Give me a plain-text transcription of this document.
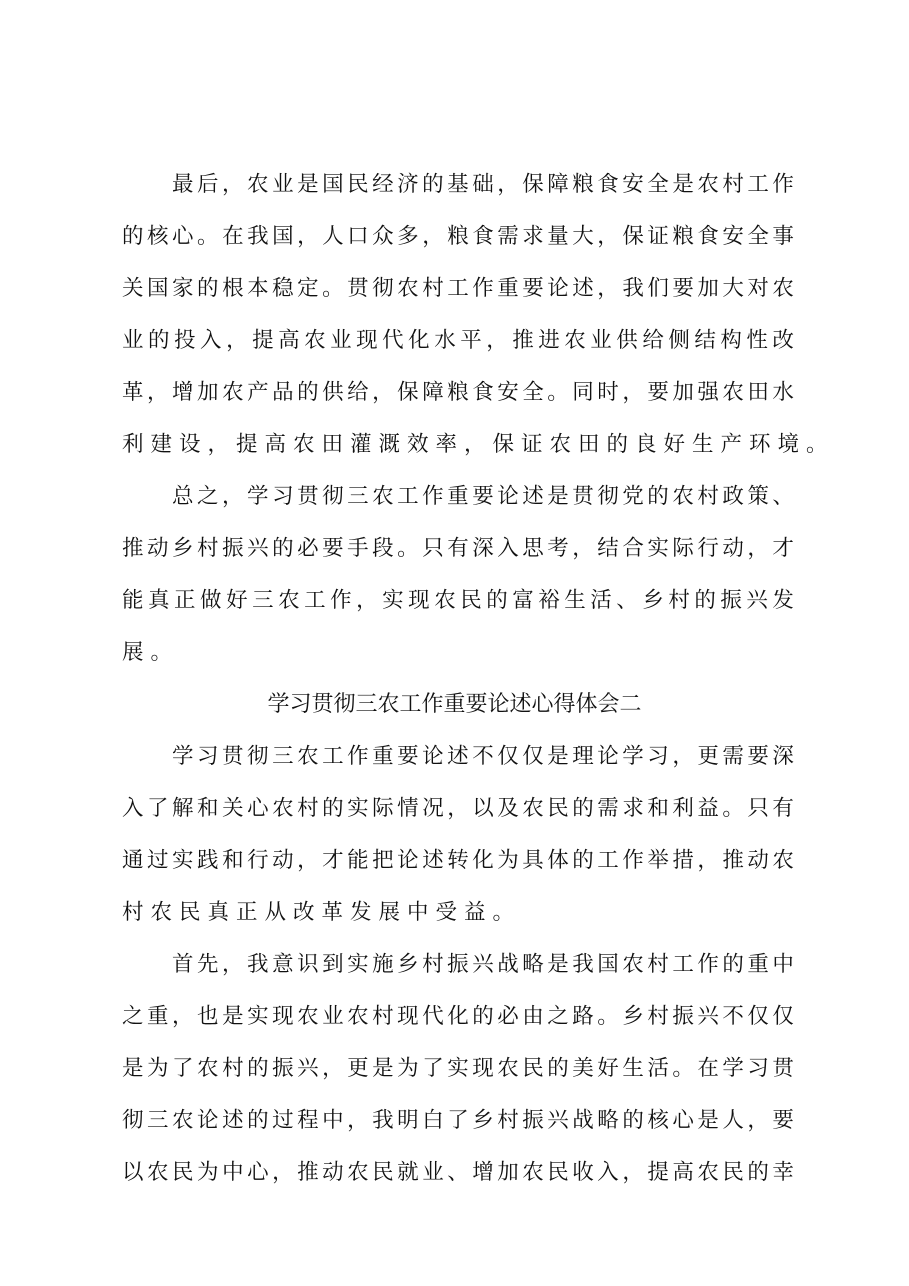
最 后 ， 农 业 是 国 民 经 济 的 基 础 ， 保 障 粮 食 安 全 是 农 村 工 作
的 核 心 。 在 我 国 ， 人 口 众 多 ， 粮 食 需 求 量 大 ， 保 证 粮 食 安 全 事
关 国 家 的 根 本 稳 定 。 贯 彻 农 村 工 作 重 要 论 述 ， 我 们 要 加 大 对 农
业 的 投 入 ， 提 高 农 业 现 代 化 水 平 ， 推 进 农 业 供 给 侧 结 构 性 改
革 ， 增 加 农 产 品 的 供 给 ， 保 障 粮 食 安 全 。 同 时 ， 要 加 强 农 田 水
利建设，提高农田灌溉效率，保证农田的良好生产环境。
总 之 ， 学 习 贯 彻 三 农 工 作 重 要 论 述 是 贯 彻 党 的 农 村 政 策 、
推 动 乡 村 振 兴 的 必 要 手 段 。 只 有 深 入 思 考 ， 结 合 实 际 行 动 ， 才
能 真 正 做 好 三 农 工 作 ， 实 现 农 民 的 富 裕 生 活 、 乡 村 的 振 兴 发
展。
学习贯彻三农工作重要论述心得体会二
学 习 贯 彻 三 农 工 作 重 要 论 述 不 仅 仅 是 理 论 学 习 ， 更 需 要 深
入 了 解 和 关 心 农 村 的 实 际 情 况 ， 以 及 农 民 的 需 求 和 利 益 。 只 有
通 过 实 践 和 行 动 ， 才 能 把 论 述 转 化 为 具 体 的 工 作 举 措 ， 推 动 农
村农民真正从改革发展中受益。
首 先 ， 我 意 识 到 实 施 乡 村 振 兴 战 略 是 我 国 农 村 工 作 的 重 中
之 重 ， 也 是 实 现 农 业 农 村 现 代 化 的 必 由 之 路 。 乡 村 振 兴 不 仅 仅
是 为 了 农 村 的 振 兴 ， 更 是 为 了 实 现 农 民 的 美 好 生 活 。 在 学 习 贯
彻 三 农 论 述 的 过 程 中 ， 我 明 白 了 乡 村 振 兴 战 略 的 核 心 是 人 ， 要
以 农 民 为 中 心 ， 推 动 农 民 就 业 、 增 加 农 民 收 入 ， 提 高 农 民 的 幸
